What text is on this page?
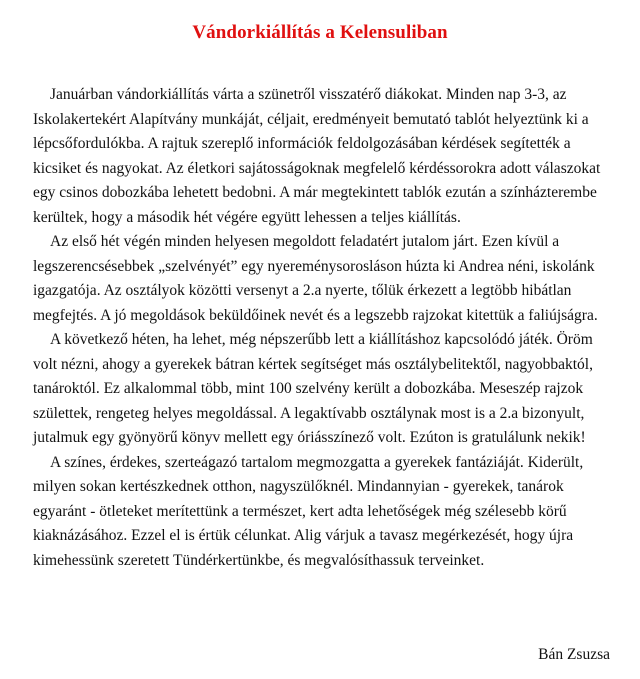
Vándorkiállítás a Kelensuliban

Januárban vándorkiállítás várta a szünetről visszatérő diákokat. Minden nap 3-3, az Iskolakertekért Alapítvány munkáját, céljait, eredményeit bemutató tablót helyeztünk ki a lépcsőfordulókba. A rajtuk szereplő információk feldolgozásában kérdések segítették a kicsiket és nagyokat. Az életkori sajátosságoknak megfelelő kérdéssorokra adott válaszokat egy csinos dobozkába lehetett bedobni. A már megtekintett tablók ezután a színházterembe kerültek, hogy a második hét végére együtt lehessen a teljes kiállítás.

Az első hét végén minden helyesen megoldott feladatért jutalom járt. Ezen kívül a legszerencsésebbek „szelvényét” egy nyereménysorosláson húzta ki Andrea néni, iskolánk igazgatója. Az osztályok közötti versenyt a 2.a nyerte, tőlük érkezett a legtöbb hibátlan megfejtés. A jó megoldások beküldőinek nevét és a legszebb rajzokat kitettük a faliújságra.

A következő héten, ha lehet, még népszerűbb lett a kiállításhoz kapcsolódó játék. Öröm volt nézni, ahogy a gyerekek bátran kértek segítséget más osztálybelitektől, nagyobbaktól, tanároktól. Ez alkalommal több, mint 100 szelvény került a dobozkába. Meseszép rajzok születtek, rengeteg helyes megoldással. A legaktívabb osztálynak most is a 2.a bizonyult, jutalmuk egy gyönyörű könyv mellett egy óriásszínező volt. Ezúton is gratulálunk nekik!

A színes, érdekes, szerteágazó tartalom megmozgatta a gyerekek fantáziáját. Kiderült, milyen sokan kertészkednek otthon, nagyszülőknél. Mindannyian - gyerekek, tanárok egyaránt - ötleteket merítettünk a természet, kert adta lehetőségek még szélesebb körű kiaknázásához. Ezzel el is értük célunkat. Alig várjuk a tavasz megérkezését, hogy újra kimehessünk szeretett Tündérkertünkbe, és megvalósíthassuk terveinket.

Bán Zsuzsa
